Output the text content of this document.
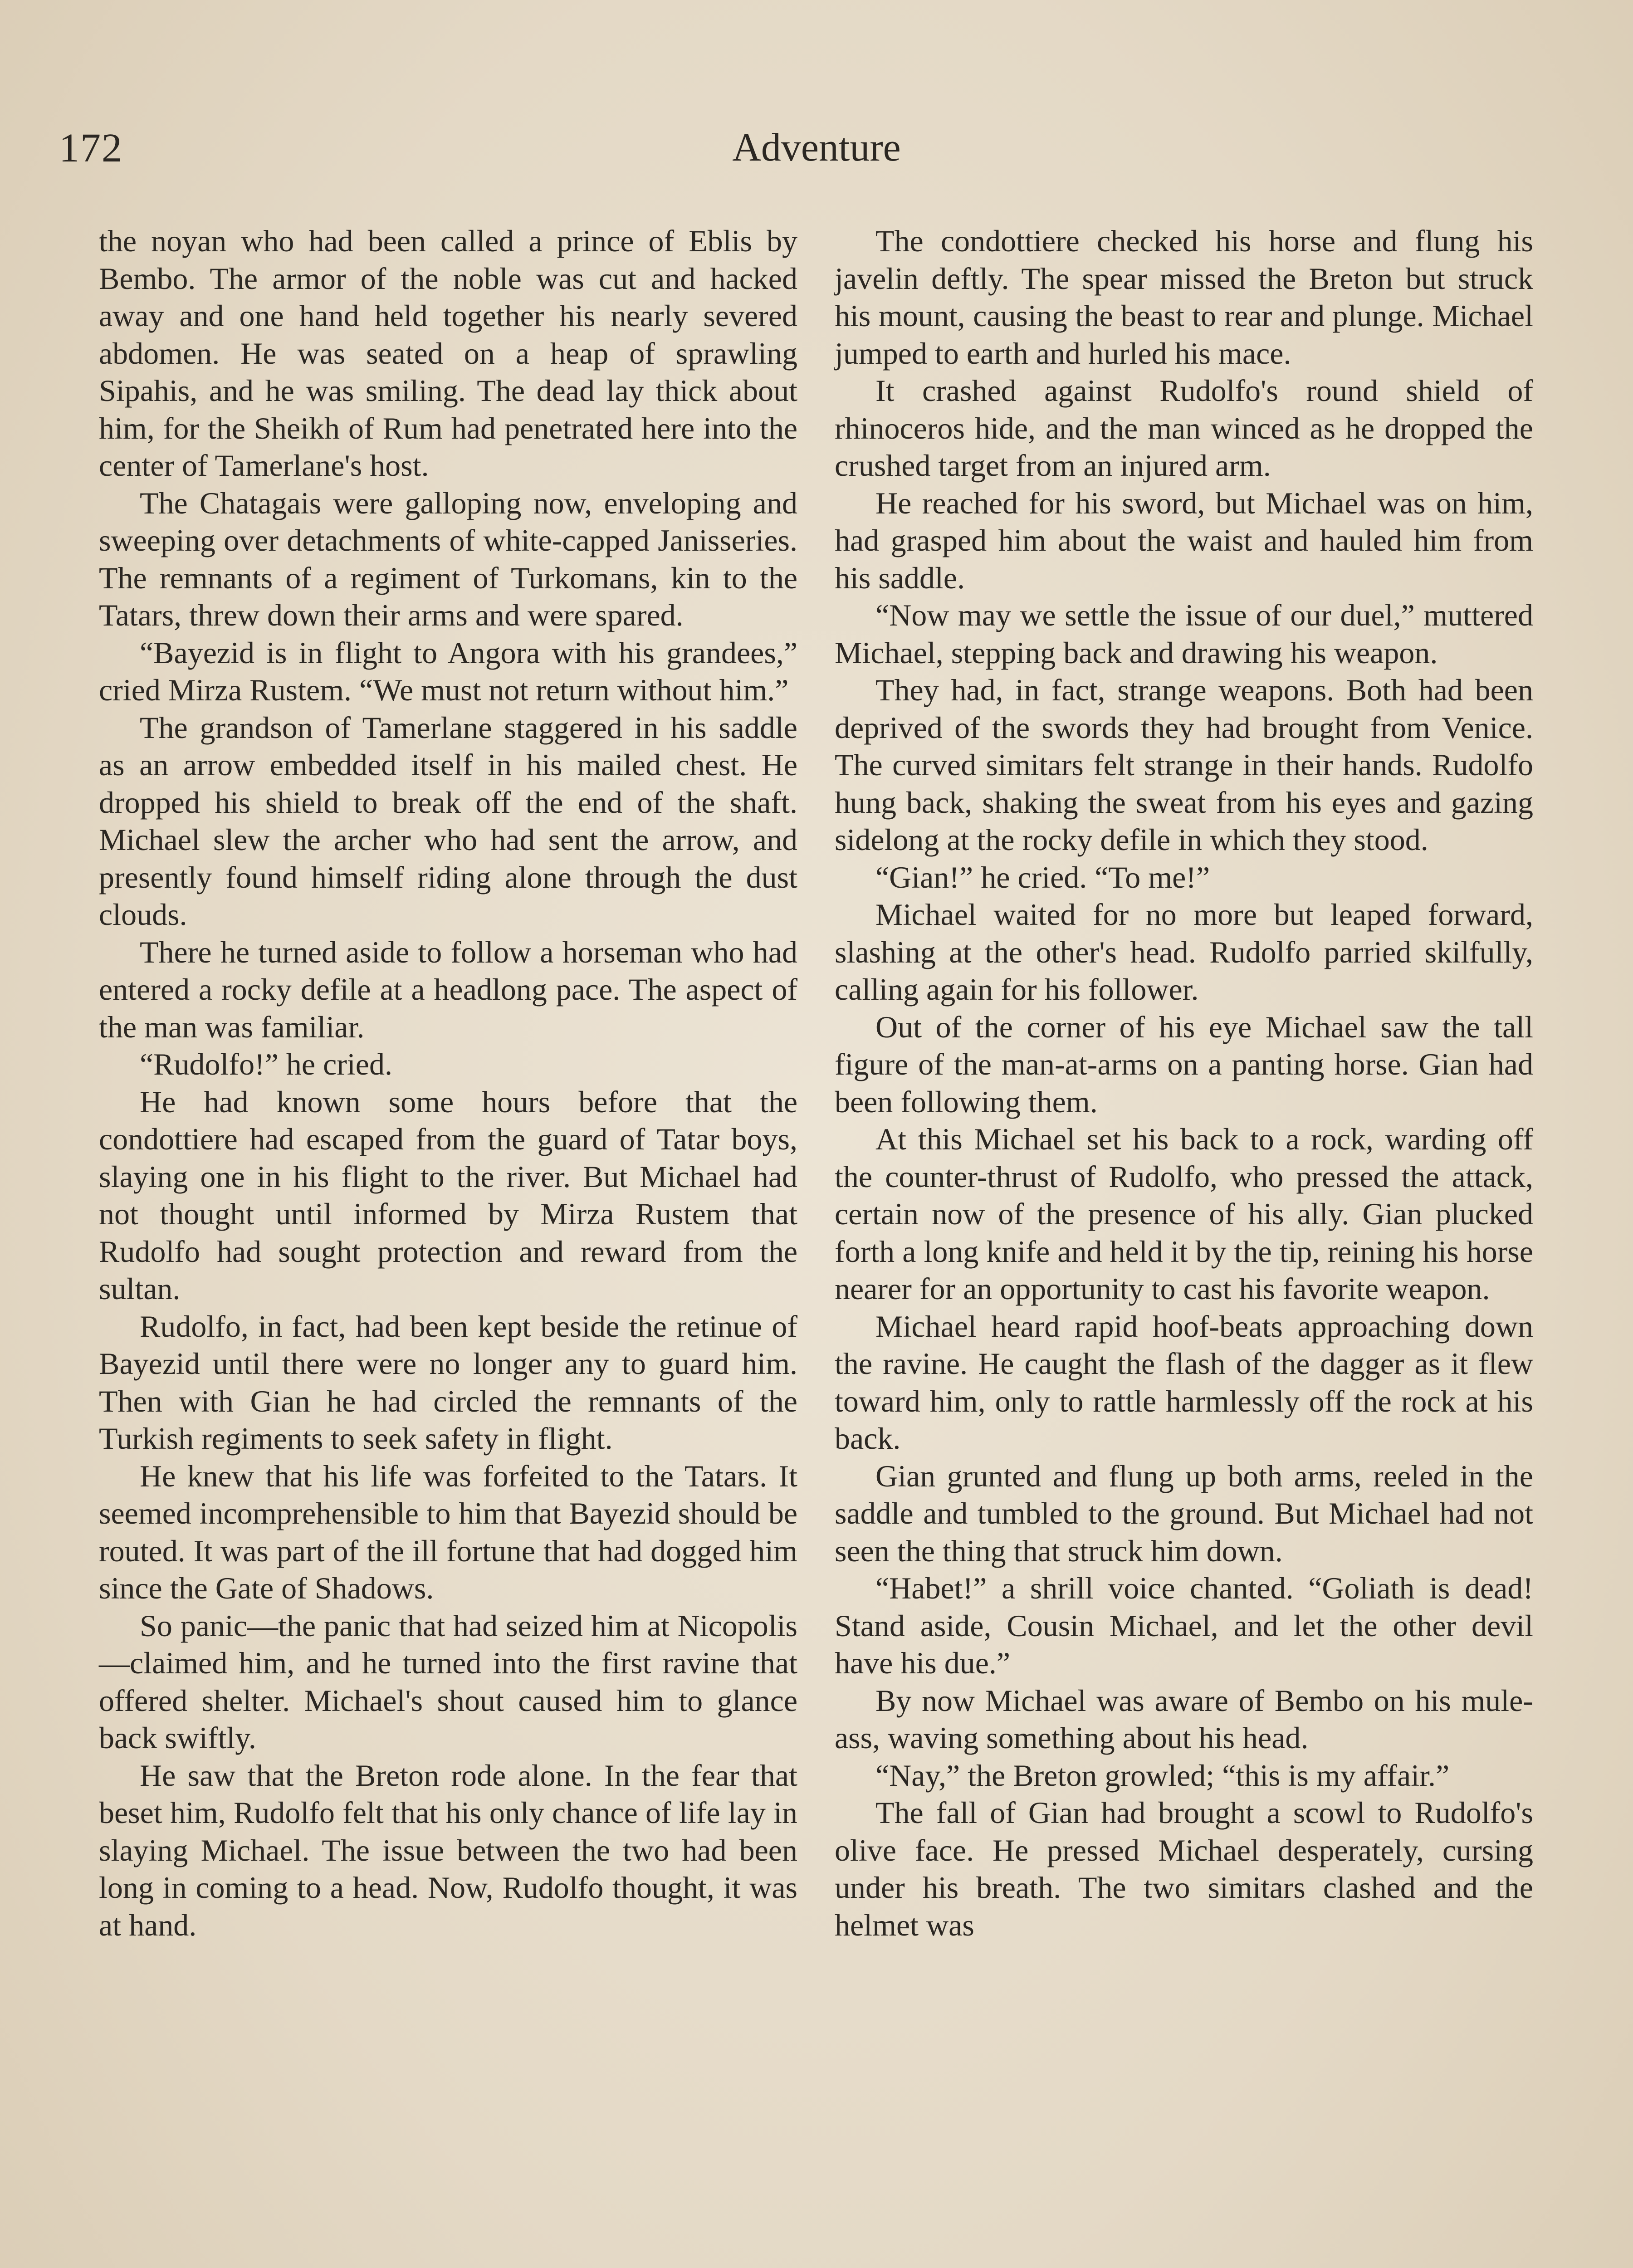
172	Adventure

the noyan who had been called a prince of Eblis by Bembo. The armor of the noble was cut and hacked away and one hand held together his nearly severed abdomen. He was seated on a heap of sprawling Sipahis, and he was smiling. The dead lay thick about him, for the Sheikh of Rum had penetrated here into the center of Tamerlane's host.

The Chatagais were galloping now, enveloping and sweeping over detachments of white-capped Janisseries. The remnants of a regiment of Turkomans, kin to the Tatars, threw down their arms and were spared.

“Bayezid is in flight to Angora with his grandees,” cried Mirza Rustem. “We must not return without him.”

The grandson of Tamerlane staggered in his saddle as an arrow embedded itself in his mailed chest. He dropped his shield to break off the end of the shaft. Michael slew the archer who had sent the arrow, and presently found himself riding alone through the dust clouds.

There he turned aside to follow a horseman who had entered a rocky defile at a headlong pace. The aspect of the man was familiar.

“Rudolfo!” he cried.

He had known some hours before that the condottiere had escaped from the guard of Tatar boys, slaying one in his flight to the river. But Michael had not thought until informed by Mirza Rustem that Rudolfo had sought protection and reward from the sultan.

Rudolfo, in fact, had been kept beside the retinue of Bayezid until there were no longer any to guard him. Then with Gian he had circled the remnants of the Turkish regiments to seek safety in flight.

He knew that his life was forfeited to the Tatars. It seemed incomprehensible to him that Bayezid should be routed. It was part of the ill fortune that had dogged him since the Gate of Shadows.

So panic—the panic that had seized him at Nicopolis—claimed him, and he turned into the first ravine that offered shelter. Michael's shout caused him to glance back swiftly.

He saw that the Breton rode alone. In the fear that beset him, Rudolfo felt that his only chance of life lay in slaying Michael. The issue between the two had been long in coming to a head. Now, Rudolfo thought, it was at hand.

The condottiere checked his horse and flung his javelin deftly. The spear missed the Breton but struck his mount, causing the beast to rear and plunge. Michael jumped to earth and hurled his mace.

It crashed against Rudolfo's round shield of rhinoceros hide, and the man winced as he dropped the crushed target from an injured arm.

He reached for his sword, but Michael was on him, had grasped him about the waist and hauled him from his saddle.

“Now may we settle the issue of our duel,” muttered Michael, stepping back and drawing his weapon.

They had, in fact, strange weapons. Both had been deprived of the swords they had brought from Venice. The curved simitars felt strange in their hands. Rudolfo hung back, shaking the sweat from his eyes and gazing sidelong at the rocky defile in which they stood.

“Gian!” he cried. “To me!”

Michael waited for no more but leaped forward, slashing at the other's head. Rudolfo parried skilfully, calling again for his follower.

Out of the corner of his eye Michael saw the tall figure of the man-at-arms on a panting horse. Gian had been following them.

At this Michael set his back to a rock, warding off the counter-thrust of Rudolfo, who pressed the attack, certain now of the presence of his ally. Gian plucked forth a long knife and held it by the tip, reining his horse nearer for an opportunity to cast his favorite weapon.

Michael heard rapid hoof-beats approaching down the ravine. He caught the flash of the dagger as it flew toward him, only to rattle harmlessly off the rock at his back.

Gian grunted and flung up both arms, reeled in the saddle and tumbled to the ground. But Michael had not seen the thing that struck him down.

“Habet!” a shrill voice chanted. “Goliath is dead! Stand aside, Cousin Michael, and let the other devil have his due.”

By now Michael was aware of Bembo on his mule-ass, waving something about his head.

“Nay,” the Breton growled; “this is my affair.”

The fall of Gian had brought a scowl to Rudolfo's olive face. He pressed Michael desperately, cursing under his breath. The two simitars clashed and the helmet was
